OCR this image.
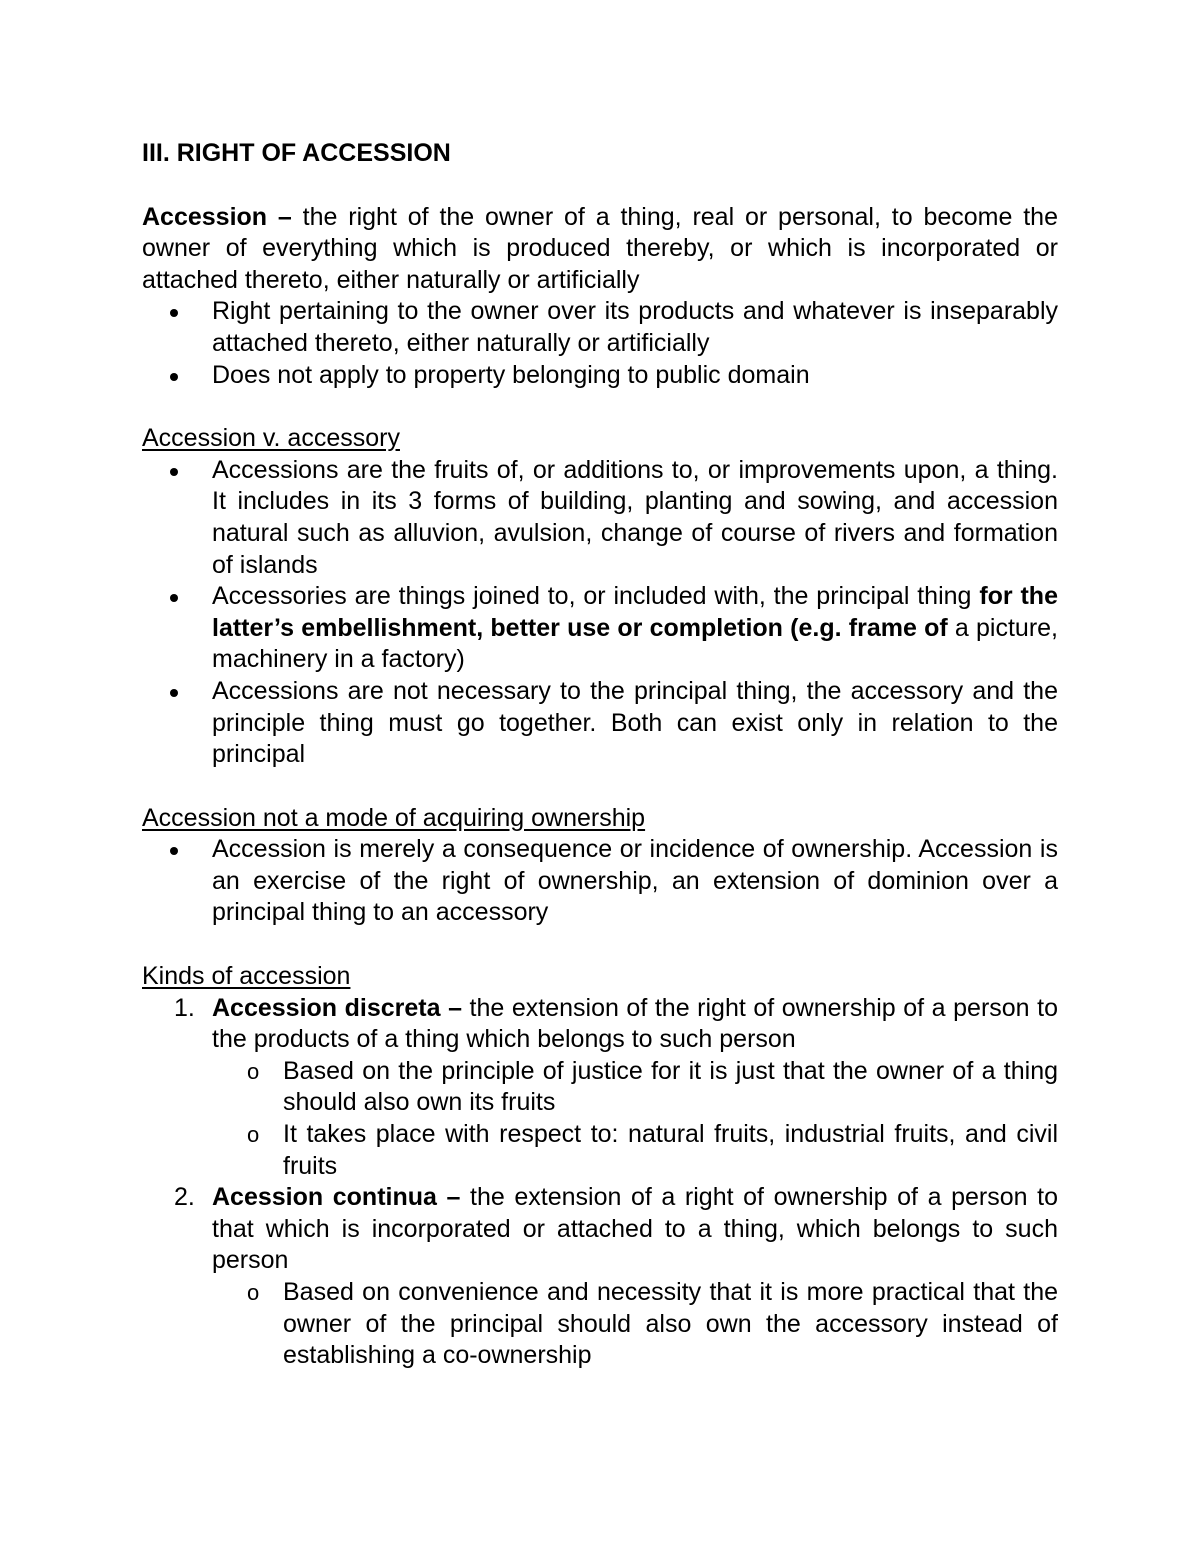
III. RIGHT OF ACCESSION

Accession – the right of the owner of a thing, real or personal, to become the owner of everything which is produced thereby, or which is incorporated or attached thereto, either naturally or artificially

Right pertaining to the owner over its products and whatever is inseparably attached thereto, either naturally or artificially
Does not apply to property belonging to public domain
Accession v. accessory
Accessions are the fruits of, or additions to, or improvements upon, a thing. It includes in its 3 forms of building, planting and sowing, and accession natural such as alluvion, avulsion, change of course of rivers and formation of islands
Accessories are things joined to, or included with, the principal thing for the latter’s embellishment, better use or completion (e.g. frame of a picture, machinery in a factory)
Accessions are not necessary to the principal thing, the accessory and the principle thing must go together. Both can exist only in relation to the principal
Accession not a mode of acquiring ownership
Accession is merely a consequence or incidence of ownership. Accession is an exercise of the right of ownership, an extension of dominion over a principal thing to an accessory
Kinds of accession
1. Accession discreta – the extension of the right of ownership of a person to the products of a thing which belongs to such person
o Based on the principle of justice for it is just that the owner of a thing should also own its fruits
o It takes place with respect to: natural fruits, industrial fruits, and civil fruits
2. Acession continua – the extension of a right of ownership of a person to that which is incorporated or attached to a thing, which belongs to such person
o Based on convenience and necessity that it is more practical that the owner of the principal should also own the accessory instead of establishing a co-ownership
